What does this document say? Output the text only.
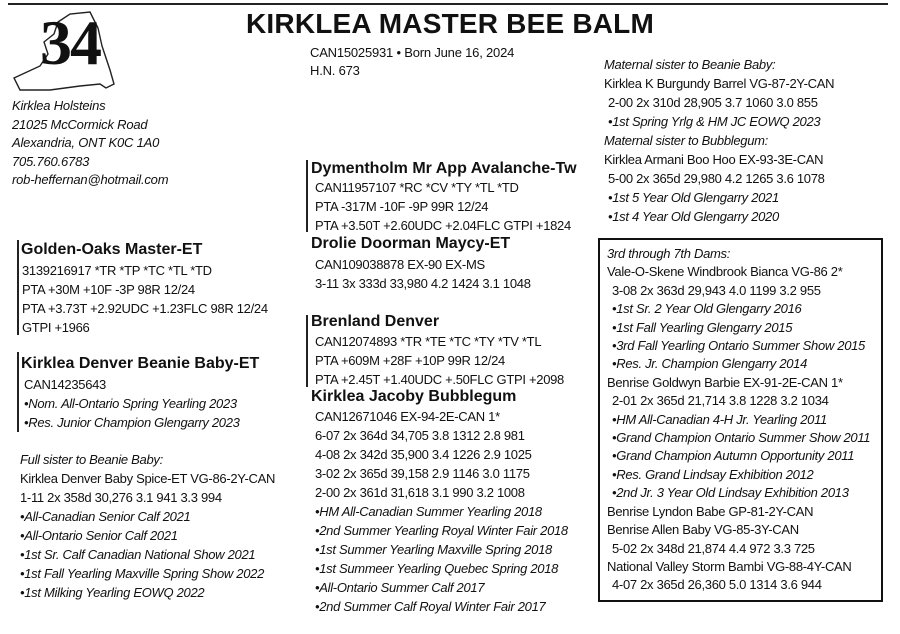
34	KIRKLEA MASTER BEE BALM
CAN15025931 • Born June 16, 2024
H.N. 673
Kirklea Holsteins
21025 McCormick Road
Alexandria, ONT K0C 1A0
705.760.6783
rob-heffernan@hotmail.com
Golden-Oaks Master-ET
3139216917 *TR *TP *TC *TL *TD
PTA +30M +10F -3P 98R 12/24
PTA +3.73T +2.92UDC +1.23FLC 98R 12/24
GTPI +1966
Kirklea Denver Beanie Baby-ET
CAN14235643
•Nom. All-Ontario Spring Yearling 2023
•Res. Junior Champion Glengarry 2023
Full sister to Beanie Baby:
Kirklea Denver Baby Spice-ET VG-86-2Y-CAN
1-11 2x 358d 30,276 3.1 941 3.3 994
•All-Canadian Senior Calf 2021
•All-Ontario Senior Calf 2021
•1st Sr. Calf Canadian National Show 2021
•1st Fall Yearling Maxville Spring Show 2022
•1st Milking Yearling EOWQ 2022
Dymentholm Mr App Avalanche-Tw
CAN11957107 *RC *CV *TY *TL *TD
PTA -317M -10F -9P 99R 12/24
PTA +3.50T +2.60UDC +2.04FLC GTPI +1824
Drolie Doorman Maycy-ET
CAN109038878 EX-90 EX-MS
3-11 3x 333d 33,980 4.2 1424 3.1 1048
Brenland Denver
CAN12074893 *TR *TE *TC *TY *TV *TL
PTA +609M +28F +10P 99R 12/24
PTA +2.45T +1.40UDC +.50FLC GTPI +2098
Kirklea Jacoby Bubblegum
CAN12671046 EX-94-2E-CAN 1*
6-07 2x 364d 34,705 3.8 1312 2.8 981
4-08 2x 342d 35,900 3.4 1226 2.9 1025
3-02 2x 365d 39,158 2.9 1146 3.0 1175
2-00 2x 361d 31,618 3.1 990 3.2 1008
•HM All-Canadian Summer Yearling 2018
•2nd Summer Yearling Royal Winter Fair 2018
•1st Summer Yearling Maxville Spring 2018
•1st Summeer Yearling Quebec Spring 2018
•All-Ontario Summer Calf 2017
•2nd Summer Calf Royal Winter Fair 2017
Maternal sister to Beanie Baby:
Kirklea K Burgundy Barrel VG-87-2Y-CAN
2-00 2x 310d 28,905 3.7 1060 3.0 855
•1st Spring Yrlg & HM JC EOWQ 2023
Maternal sister to Bubblegum:
Kirklea Armani Boo Hoo EX-93-3E-CAN
5-00 2x 365d 29,980 4.2 1265 3.6 1078
•1st 5 Year Old Glengarry 2021
•1st 4 Year Old Glengarry 2020
3rd through 7th Dams:
Vale-O-Skene Windbrook Bianca VG-86 2*
3-08 2x 363d 29,943 4.0 1199 3.2 955
•1st Sr. 2 Year Old Glengarry 2016
•1st Fall Yearling Glengarry 2015
•3rd Fall Yearling Ontario Summer Show 2015
•Res. Jr. Champion Glengarry 2014
Benrise Goldwyn Barbie EX-91-2E-CAN 1*
2-01 2x 365d 21,714 3.8 1228 3.2 1034
•HM All-Canadian 4-H Jr. Yearling 2011
•Grand Champion Ontario Summer Show 2011
•Grand Champion Autumn Opportunity 2011
•Res. Grand Lindsay Exhibition 2012
•2nd Jr. 3 Year Old Lindsay Exhibition 2013
Benrise Lyndon Babe GP-81-2Y-CAN
Benrise Allen Baby VG-85-3Y-CAN
5-02 2x 348d 21,874 4.4 972 3.3 725
National Valley Storm Bambi VG-88-4Y-CAN
4-07 2x 365d 26,360 5.0 1314 3.6 944
